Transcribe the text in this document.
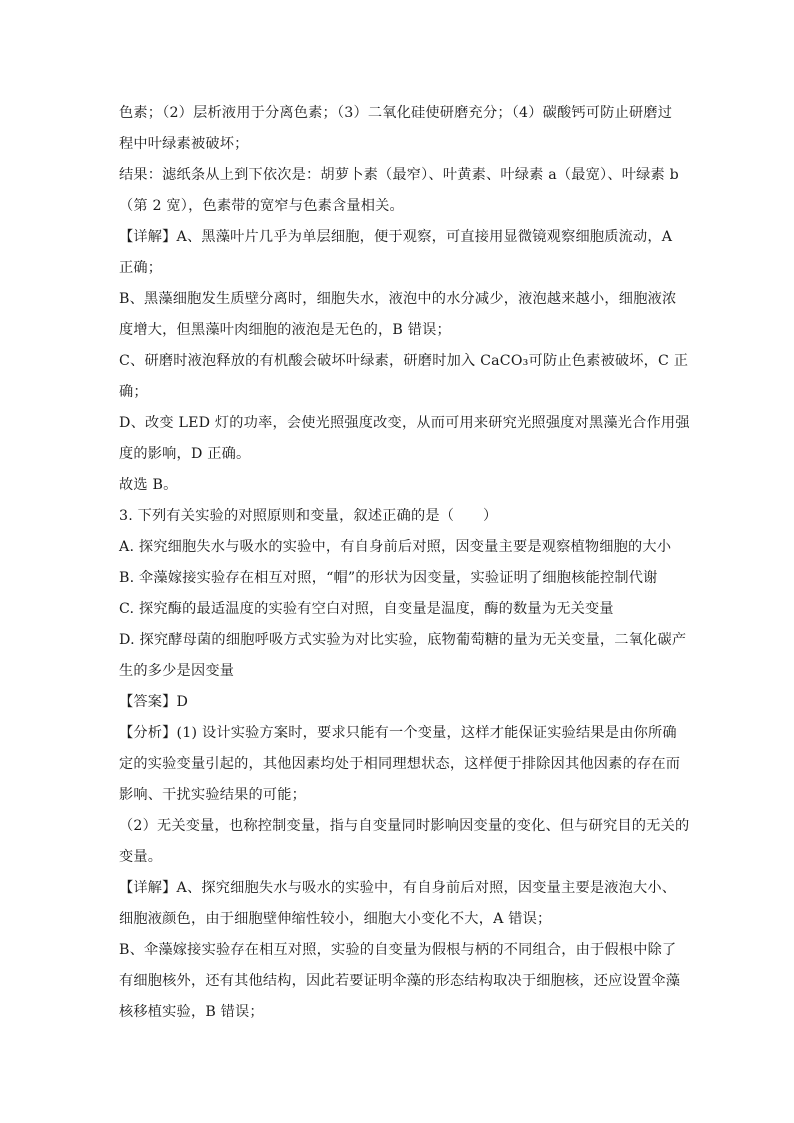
色素；（2）层析液用于分离色素；（3）二氧化硅使研磨充分；（4）碳酸钙可防止研磨过
程中叶绿素被破坏；
结果：滤纸条从上到下依次是：胡萝卜素（最窄）、叶黄素、叶绿素 a（最宽）、叶绿素 b
（第 2 宽），色素带的宽窄与色素含量相关。
【详解】A、黑藻叶片几乎为单层细胞，便于观察，可直接用显微镜观察细胞质流动，A
正确；
B、黑藻细胞发生质壁分离时，细胞失水，液泡中的水分减少，液泡越来越小，细胞液浓
度增大，但黑藻叶肉细胞的液泡是无色的，B 错误；
C、研磨时液泡释放的有机酸会破坏叶绿素，研磨时加入 CaCO₃可防止色素被破坏，C 正
确；
D、改变 LED 灯的功率，会使光照强度改变，从而可用来研究光照强度对黑藻光合作用强
度的影响，D 正确。
故选 B。
3. 下列有关实验的对照原则和变量，叙述正确的是（　　）
A. 探究细胞失水与吸水的实验中，有自身前后对照，因变量主要是观察植物细胞的大小
B. 伞藻嫁接实验存在相互对照，“帽”的形状为因变量，实验证明了细胞核能控制代谢
C. 探究酶的最适温度的实验有空白对照，自变量是温度，酶的数量为无关变量
D. 探究酵母菌的细胞呼吸方式实验为对比实验，底物葡萄糖的量为无关变量，二氧化碳产
生的多少是因变量
【答案】D
【分析】(1) 设计实验方案时，要求只能有一个变量，这样才能保证实验结果是由你所确
定的实验变量引起的，其他因素均处于相同理想状态，这样便于排除因其他因素的存在而
影响、干扰实验结果的可能；
（2）无关变量，也称控制变量，指与自变量同时影响因变量的变化、但与研究目的无关的
变量。
【详解】A、探究细胞失水与吸水的实验中，有自身前后对照，因变量主要是液泡大小、
细胞液颜色，由于细胞壁伸缩性较小，细胞大小变化不大，A 错误；
B、伞藻嫁接实验存在相互对照，实验的自变量为假根与柄的不同组合，由于假根中除了
有细胞核外，还有其他结构，因此若要证明伞藻的形态结构取决于细胞核，还应设置伞藻
核移植实验，B 错误；
